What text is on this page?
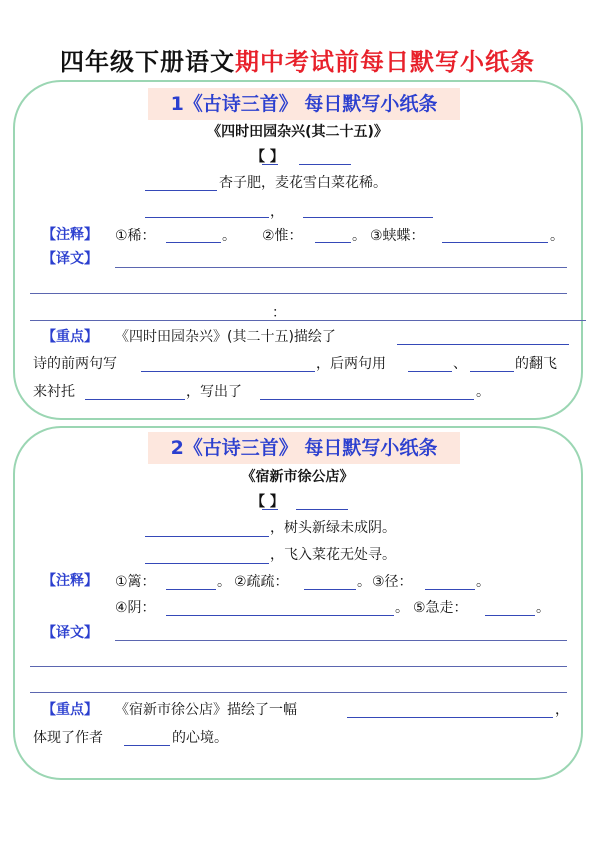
四年级下册语文期中考试前每日默写小纸条
1《古诗三首》 每日默写小纸条
《四时田园杂兴(其二十五)》
【 】
杏子肥，麦花雪白菜花稀。
，
【注释】 ①稀：	。 ②惟：	。 ③蛱蝶：	。
【译文】
：
【重点】 《四时田园杂兴》(其二十五)描绘了
诗的前两句写	，后两句用	、	的翻飞
来衬托	，写出了	。
2《古诗三首》 每日默写小纸条
《宿新市徐公店》
【 】
，树头新绿未成阴。
，飞入菜花无处寻。
【注释】 ①篱：	。 ②疏疏：	。 ③径：	。
④阴：	。 ⑤急走：	。
【译文】
【重点】 《宿新市徐公店》描绘了一幅	，
体现了作者	的心境。
